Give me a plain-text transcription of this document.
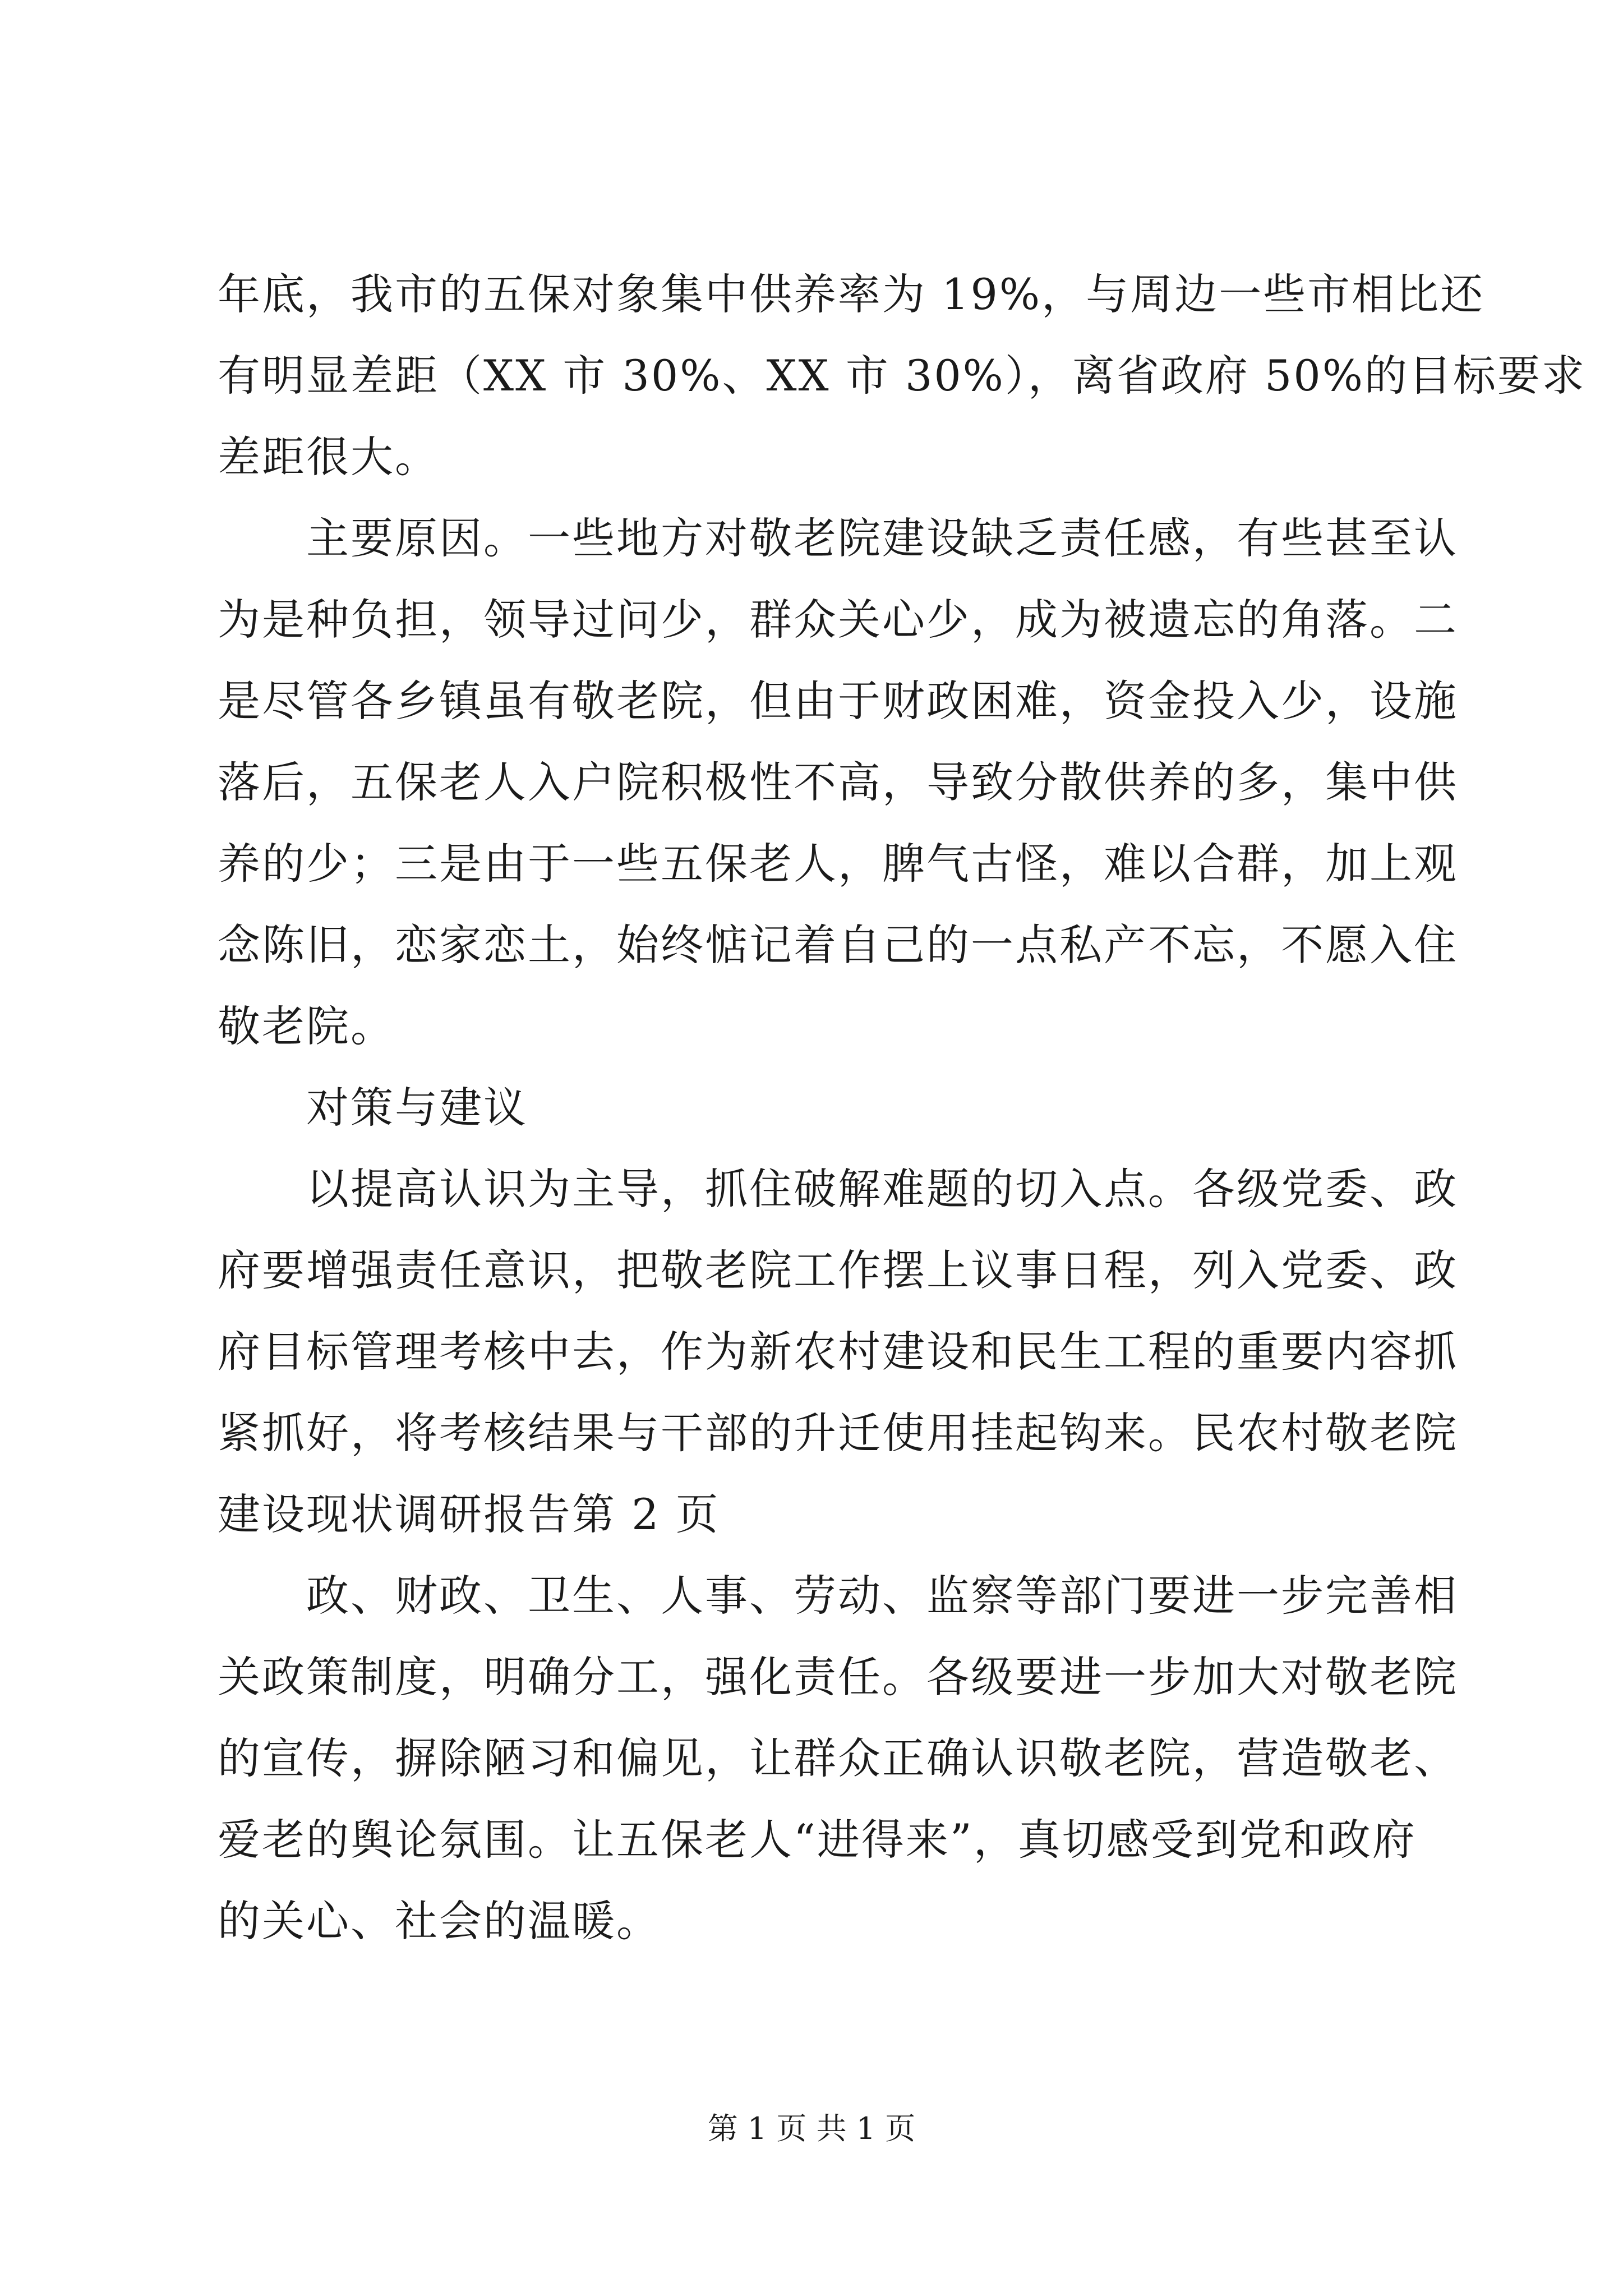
年底，我市的五保对象集中供养率为 19%，与周边一些市相比还
有明显差距（XX 市 30%、XX 市 30%），离省政府 50%的目标要求
差距很大。
主要原因。一些地方对敬老院建设缺乏责任感，有些甚至认
为是种负担，领导过问少，群众关心少，成为被遗忘的角落。二
是尽管各乡镇虽有敬老院，但由于财政困难，资金投入少，设施
落后，五保老人入户院积极性不高，导致分散供养的多，集中供
养的少；三是由于一些五保老人，脾气古怪，难以合群，加上观
念陈旧，恋家恋土，始终惦记着自己的一点私产不忘，不愿入住
敬老院。
对策与建议
以提高认识为主导，抓住破解难题的切入点。各级党委、政
府要增强责任意识，把敬老院工作摆上议事日程，列入党委、政
府目标管理考核中去，作为新农村建设和民生工程的重要内容抓
紧抓好，将考核结果与干部的升迁使用挂起钩来。民农村敬老院
建设现状调研报告第 2 页
政、财政、卫生、人事、劳动、监察等部门要进一步完善相
关政策制度，明确分工，强化责任。各级要进一步加大对敬老院
的宣传，摒除陋习和偏见，让群众正确认识敬老院，营造敬老、
爱老的舆论氛围。让五保老人“进得来”，真切感受到党和政府
的关心、社会的温暖。
第 1 页 共 1 页
